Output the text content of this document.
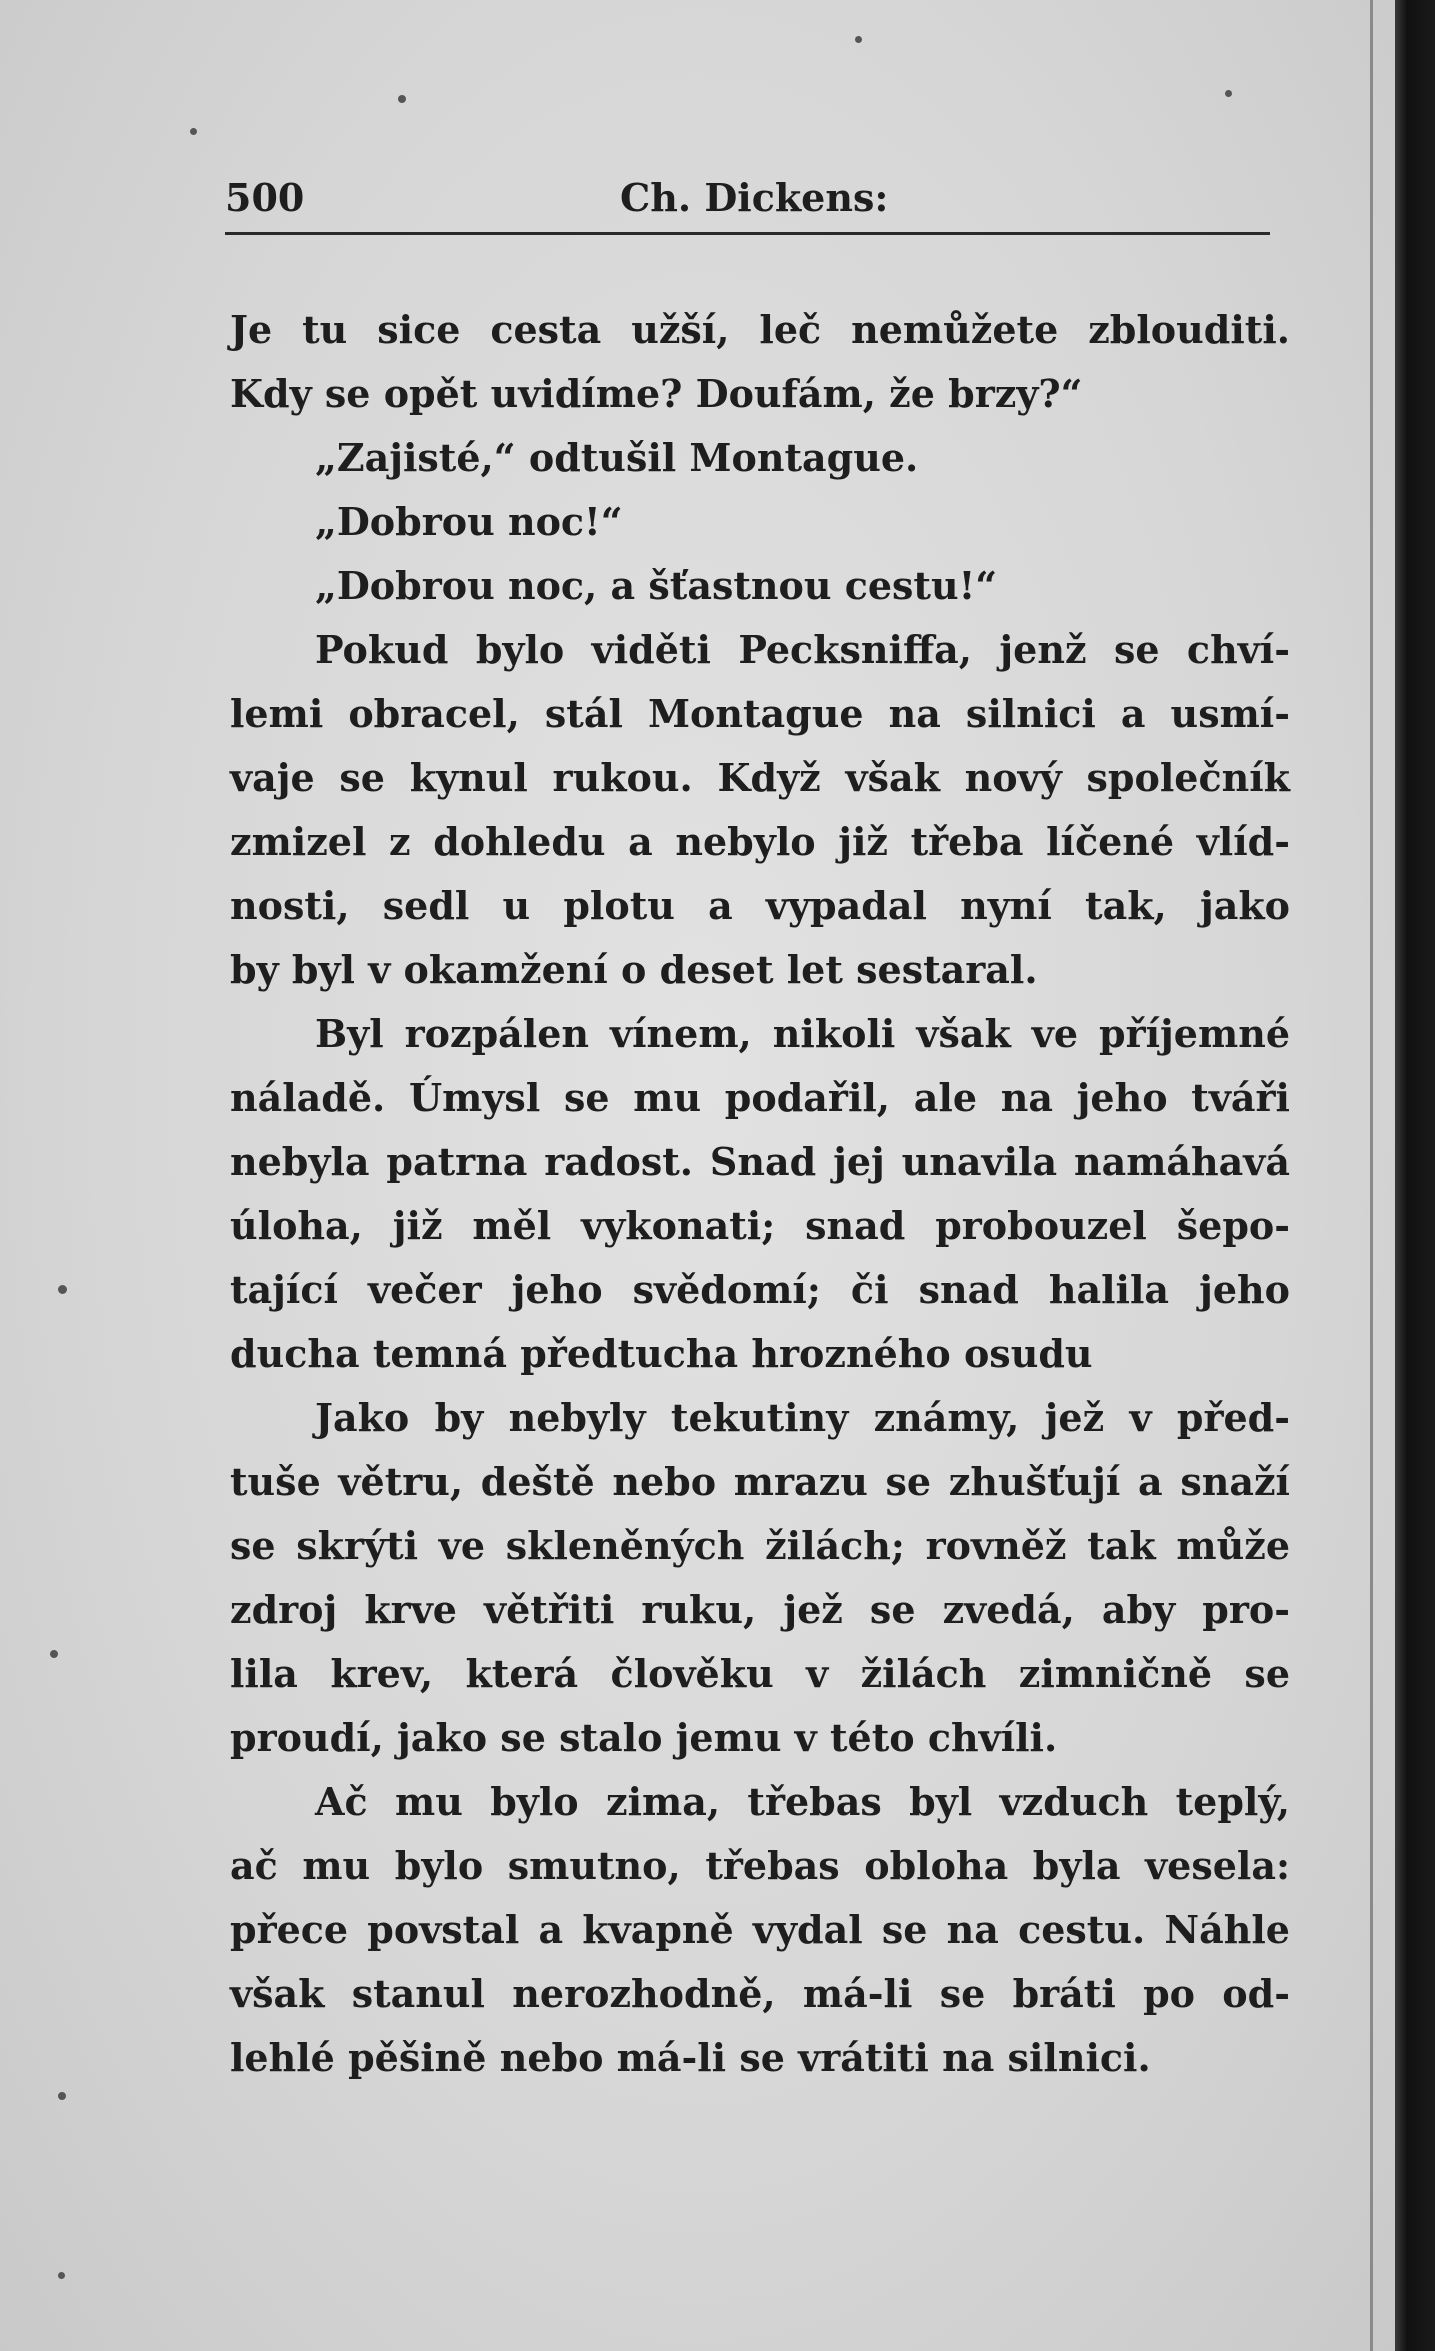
500	Ch. Dickens:
Je tu sice cesta užší, leč nemůžete zblouditi.
Kdy se opět uvidíme? Doufám, že brzy?“
„Zajisté,“ odtušil Montague.
„Dobrou noc!“
„Dobrou noc, a šťastnou cestu!“
Pokud bylo viděti Pecksniffa, jenž se chví-
lemi obracel, stál Montague na silnici a usmí-
vaje se kynul rukou. Když však nový společník
zmizel z dohledu a nebylo již třeba líčené vlíd-
nosti, sedl u plotu a vypadal nyní tak, jako
by byl v okamžení o deset let sestaral.
Byl rozpálen vínem, nikoli však ve příjemné
náladě. Úmysl se mu podařil, ale na jeho tváři
nebyla patrna radost. Snad jej unavila namáhavá
úloha, již měl vykonati; snad probouzel šepo-
tající večer jeho svědomí; či snad halila jeho
ducha temná předtucha hrozného osudu
Jako by nebyly tekutiny známy, jež v před-
tuše větru, deště nebo mrazu se zhušťují a snaží
se skrýti ve skleněných žilách; rovněž tak může
zdroj krve větřiti ruku, jež se zvedá, aby pro-
lila krev, která člověku v žilách zimničně se
proudí, jako se stalo jemu v této chvíli.
Ač mu bylo zima, třebas byl vzduch teplý,
ač mu bylo smutno, třebas obloha byla vesela:
přece povstal a kvapně vydal se na cestu. Náhle
však stanul nerozhodně, má-li se bráti po od-
lehlé pěšině nebo má-li se vrátiti na silnici.
